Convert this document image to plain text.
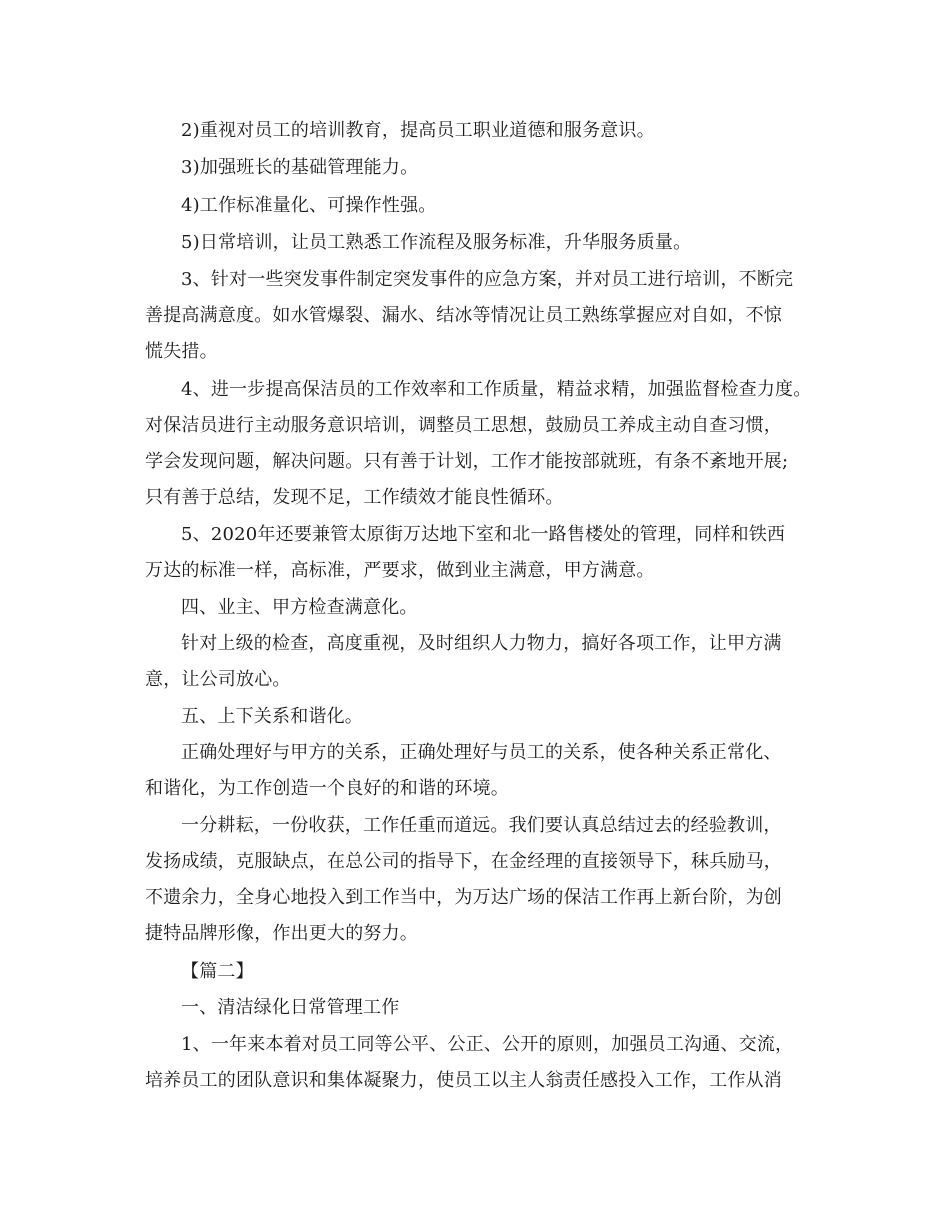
2)重视对员工的培训教育，提高员工职业道德和服务意识。
3)加强班长的基础管理能力。
4)工作标准量化、可操作性强。
5)日常培训，让员工熟悉工作流程及服务标准，升华服务质量。
3、针对一些突发事件制定突发事件的应急方案，并对员工进行培训，不断完
善提高满意度。如水管爆裂、漏水、结冰等情况让员工熟练掌握应对自如，不惊
慌失措。
4、进一步提高保洁员的工作效率和工作质量，精益求精，加强监督检查力度。
对保洁员进行主动服务意识培训，调整员工思想，鼓励员工养成主动自查习惯，
学会发现问题，解决问题。只有善于计划，工作才能按部就班，有条不紊地开展;
只有善于总结，发现不足，工作绩效才能良性循环。
5、2020年还要兼管太原街万达地下室和北一路售楼处的管理，同样和铁西
万达的标准一样，高标准，严要求，做到业主满意，甲方满意。
四、业主、甲方检查满意化。
针对上级的检查，高度重视，及时组织人力物力，搞好各项工作，让甲方满
意，让公司放心。
五、上下关系和谐化。
正确处理好与甲方的关系，正确处理好与员工的关系，使各种关系正常化、
和谐化，为工作创造一个良好的和谐的环境。
一分耕耘，一份收获，工作任重而道远。我们要认真总结过去的经验教训，
发扬成绩，克服缺点，在总公司的指导下，在金经理的直接领导下，秣兵励马，
不遗余力，全身心地投入到工作当中，为万达广场的保洁工作再上新台阶，为创
捷特品牌形像，作出更大的努力。
【篇二】
一、清洁绿化日常管理工作
1、一年来本着对员工同等公平、公正、公开的原则，加强员工沟通、交流，
培养员工的团队意识和集体凝聚力，使员工以主人翁责任感投入工作，工作从消
